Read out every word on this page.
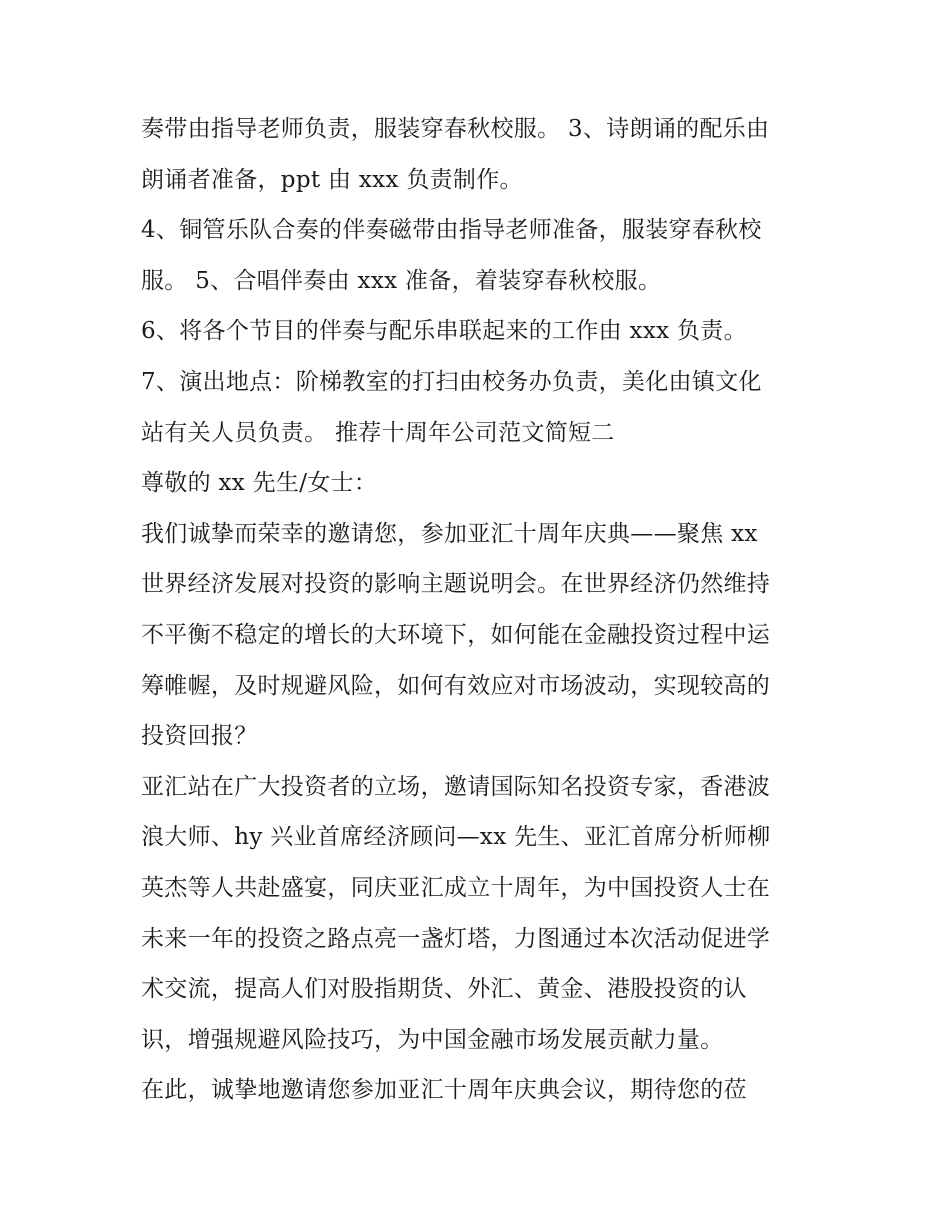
奏带由指导老师负责，服装穿春秋校服。 3、诗朗诵的配乐由
朗诵者准备，ppt 由 xxx 负责制作。
4、铜管乐队合奏的伴奏磁带由指导老师准备，服装穿春秋校
服。 5、合唱伴奏由 xxx 准备，着装穿春秋校服。
6、将各个节目的伴奏与配乐串联起来的工作由 xxx 负责。
7、演出地点：阶梯教室的打扫由校务办负责，美化由镇文化
站有关人员负责。 推荐十周年公司范文简短二
尊敬的 xx 先生/女士：
我们诚挚而荣幸的邀请您，参加亚汇十周年庆典——聚焦 xx
世界经济发展对投资的影响主题说明会。在世界经济仍然维持
不平衡不稳定的增长的大环境下，如何能在金融投资过程中运
筹帷幄，及时规避风险，如何有效应对市场波动，实现较高的
投资回报？
亚汇站在广大投资者的立场，邀请国际知名投资专家，香港波
浪大师、hy 兴业首席经济顾问—xx 先生、亚汇首席分析师柳
英杰等人共赴盛宴，同庆亚汇成立十周年，为中国投资人士在
未来一年的投资之路点亮一盏灯塔，力图通过本次活动促进学
术交流，提高人们对股指期货、外汇、黄金、港股投资的认
识，增强规避风险技巧，为中国金融市场发展贡献力量。
在此，诚挚地邀请您参加亚汇十周年庆典会议，期待您的莅
